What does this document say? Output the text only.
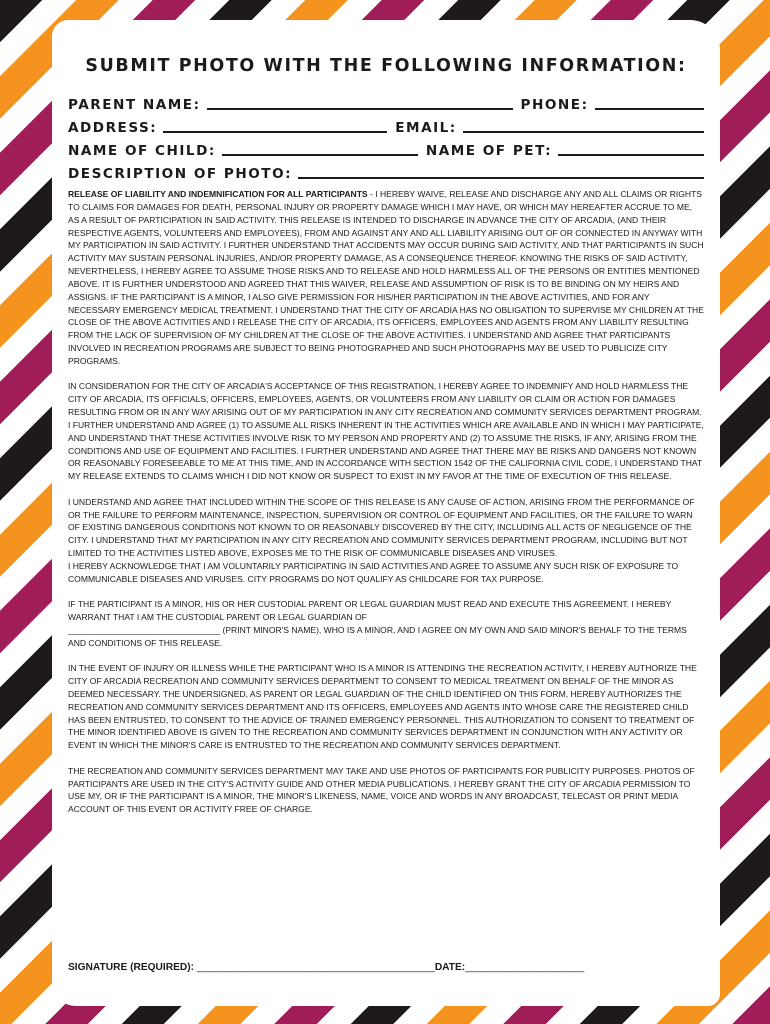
SUBMIT PHOTO WITH THE FOLLOWING INFORMATION:
PARENT NAME:	PHONE:
ADDRESS:	EMAIL:
NAME OF CHILD:	NAME OF PET:
DESCRIPTION OF PHOTO:

RELEASE OF LIABILITY AND INDEMNIFICATION FOR ALL PARTICIPANTS - I HEREBY WAIVE, RELEASE AND DISCHARGE ANY AND ALL CLAIMS OR RIGHTS TO CLAIMS FOR DAMAGES FOR DEATH, PERSONAL INJURY OR PROPERTY DAMAGE WHICH I MAY HAVE, OR WHICH MAY HEREAFTER ACCRUE TO ME, AS A RESULT OF PARTICIPATION IN SAID ACTIVITY. THIS RELEASE IS INTENDED TO DISCHARGE IN ADVANCE THE CITY OF ARCADIA, (AND THEIR RESPECTIVE AGENTS, VOLUNTEERS AND EMPLOYEES), FROM AND AGAINST ANY AND ALL LIABILITY ARISING OUT OF OR CONNECTED IN ANYWAY WITH MY PARTICIPATION IN SAID ACTIVITY. I FURTHER UNDERSTAND THAT ACCIDENTS MAY OCCUR DURING SAID ACTIVITY, AND THAT PARTICIPANTS IN SUCH ACTIVITY MAY SUSTAIN PERSONAL INJURIES, AND/OR PROPERTY DAMAGE, AS A CONSEQUENCE THEREOF. KNOWING THE RISKS OF SAID ACTIVITY, NEVERTHELESS, I HEREBY AGREE TO ASSUME THOSE RISKS AND TO RELEASE AND HOLD HARMLESS ALL OF THE PERSONS OR ENTITIES MENTIONED ABOVE. IT IS FURTHER UNDERSTOOD AND AGREED THAT THIS WAIVER, RELEASE AND ASSUMPTION OF RISK IS TO BE BINDING ON MY HEIRS AND ASSIGNS. IF THE PARTICIPANT IS A MINOR, I ALSO GIVE PERMISSION FOR HIS/HER PARTICIPATION IN THE ABOVE ACTIVITIES, AND FOR ANY NECESSARY EMERGENCY MEDICAL TREATMENT. I UNDERSTAND THAT THE CITY OF ARCADIA HAS NO OBLIGATION TO SUPERVISE MY CHILDREN AT THE CLOSE OF THE ABOVE ACTIVITIES AND I RELEASE THE CITY OF ARCADIA, ITS OFFICERS, EMPLOYEES AND AGENTS FROM ANY LIABILITY RESULTING FROM THE LACK OF SUPERVISION OF MY CHILDREN AT THE CLOSE OF THE ABOVE ACTIVITIES. I UNDERSTAND AND AGREE THAT PARTICIPANTS INVOLVED IN RECREATION PROGRAMS ARE SUBJECT TO BEING PHOTOGRAPHED AND SUCH PHOTOGRAPHS MAY BE USED TO PUBLICIZE CITY PROGRAMS.

IN CONSIDERATION FOR THE CITY OF ARCADIA'S ACCEPTANCE OF THIS REGISTRATION, I HEREBY AGREE TO INDEMNIFY AND HOLD HARMLESS THE CITY OF ARCADIA, ITS OFFICIALS, OFFICERS, EMPLOYEES, AGENTS, OR VOLUNTEERS FROM ANY LIABILITY OR CLAIM OR ACTION FOR DAMAGES RESULTING FROM OR IN ANY WAY ARISING OUT OF MY PARTICIPATION IN ANY CITY RECREATION AND COMMUNITY SERVICES DEPARTMENT PROGRAM. I FURTHER UNDERSTAND AND AGREE (1) TO ASSUME ALL RISKS INHERENT IN THE ACTIVITIES WHICH ARE AVAILABLE AND IN WHICH I MAY PARTICIPATE, AND UNDERSTAND THAT THESE ACTIVITIES INVOLVE RISK TO MY PERSON AND PROPERTY AND (2) TO ASSUME THE RISKS, IF ANY, ARISING FROM THE CONDITIONS AND USE OF EQUIPMENT AND FACILITIES. I FURTHER UNDERSTAND AND AGREE THAT THERE MAY BE RISKS AND DANGERS NOT KNOWN OR REASONABLY FORESEEABLE TO ME AT THIS TIME, AND IN ACCORDANCE WITH SECTION 1542 OF THE CALIFORNIA CIVIL CODE, I UNDERSTAND THAT MY RELEASE EXTENDS TO CLAIMS WHICH I DID NOT KNOW OR SUSPECT TO EXIST IN MY FAVOR AT THE TIME OF EXECUTION OF THIS RELEASE.

I UNDERSTAND AND AGREE THAT INCLUDED WITHIN THE SCOPE OF THIS RELEASE IS ANY CAUSE OF ACTION, ARISING FROM THE PERFORMANCE OF OR THE FAILURE TO PERFORM MAINTENANCE, INSPECTION, SUPERVISION OR CONTROL OF EQUIPMENT AND FACILITIES, OR THE FAILURE TO WARN OF EXISTING DANGEROUS CONDITIONS NOT KNOWN TO OR REASONABLY DISCOVERED BY THE CITY, INCLUDING ALL ACTS OF NEGLIGENCE OF THE CITY. I UNDERSTAND THAT MY PARTICIPATION IN ANY CITY RECREATION AND COMMUNITY SERVICES DEPARTMENT PROGRAM, INCLUDING BUT NOT LIMITED TO THE ACTIVITIES LISTED ABOVE, EXPOSES ME TO THE RISK OF COMMUNICABLE DISEASES AND VIRUSES.
I HEREBY ACKNOWLEDGE THAT I AM VOLUNTARILY PARTICIPATING IN SAID ACTIVITIES AND AGREE TO ASSUME ANY SUCH RISK OF EXPOSURE TO COMMUNICABLE DISEASES AND VIRUSES. CITY PROGRAMS DO NOT QUALIFY AS CHILDCARE FOR TAX PURPOSE.

IF THE PARTICIPANT IS A MINOR, HIS OR HER CUSTODIAL PARENT OR LEGAL GUARDIAN MUST READ AND EXECUTE THIS AGREEMENT. I HEREBY WARRANT THAT I AM THE CUSTODIAL PARENT OR LEGAL GUARDIAN OF
________________________________ (PRINT MINOR'S NAME), WHO IS A MINOR, AND I AGREE ON MY OWN AND SAID MINOR'S BEHALF TO THE TERMS AND CONDITIONS OF THIS RELEASE.

IN THE EVENT OF INJURY OR ILLNESS WHILE THE PARTICIPANT WHO IS A MINOR IS ATTENDING THE RECREATION ACTIVITY, I HEREBY AUTHORIZE THE CITY OF ARCADIA RECREATION AND COMMUNITY SERVICES DEPARTMENT TO CONSENT TO MEDICAL TREATMENT ON BEHALF OF THE MINOR AS DEEMED NECESSARY. THE UNDERSIGNED, AS PARENT OR LEGAL GUARDIAN OF THE CHILD IDENTIFIED ON THIS FORM, HEREBY AUTHORIZES THE RECREATION AND COMMUNITY SERVICES DEPARTMENT AND ITS OFFICERS, EMPLOYEES AND AGENTS INTO WHOSE CARE THE REGISTERED CHILD HAS BEEN ENTRUSTED, TO CONSENT TO THE ADVICE OF TRAINED EMERGENCY PERSONNEL. THIS AUTHORIZATION TO CONSENT TO TREATMENT OF THE MINOR IDENTIFIED ABOVE IS GIVEN TO THE RECREATION AND COMMUNITY SERVICES DEPARTMENT IN CONJUNCTION WITH ANY ACTIVITY OR EVENT IN WHICH THE MINOR'S CARE IS ENTRUSTED TO THE RECREATION AND COMMUNITY SERVICES DEPARTMENT.

THE RECREATION AND COMMUNITY SERVICES DEPARTMENT MAY TAKE AND USE PHOTOS OF PARTICIPANTS FOR PUBLICITY PURPOSES. PHOTOS OF PARTICIPANTS ARE USED IN THE CITY'S ACTIVITY GUIDE AND OTHER MEDIA PUBLICATIONS. I HEREBY GRANT THE CITY OF ARCADIA PERMISSION TO USE MY, OR IF THE PARTICIPANT IS A MINOR, THE MINOR'S LIKENESS, NAME, VOICE AND WORDS IN ANY BROADCAST, TELECAST OR PRINT MEDIA ACCOUNT OF THIS EVENT OR ACTIVITY FREE OF CHARGE.

SIGNATURE (REQUIRED): __________________________________________DATE:_____________________
